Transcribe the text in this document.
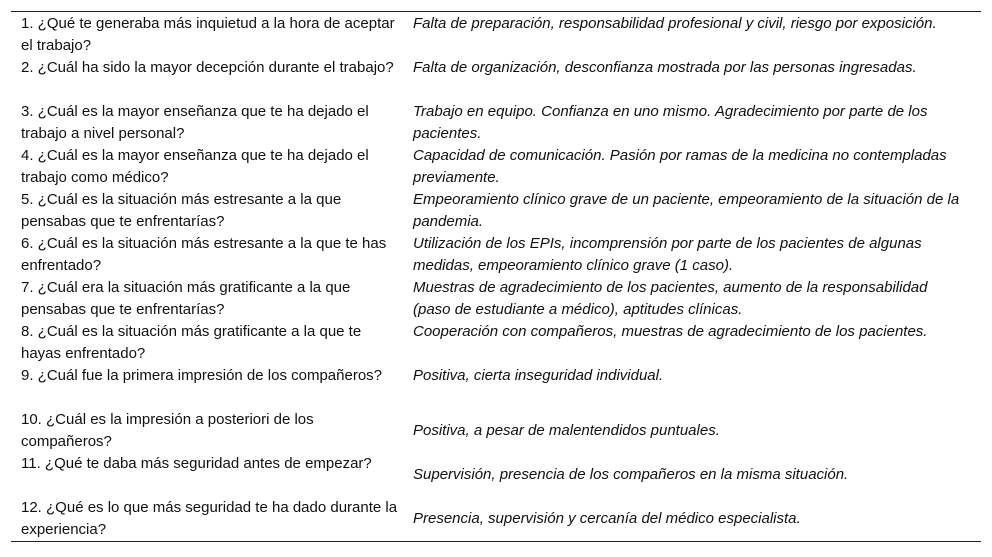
1. ¿Qué te generaba más inquietud a la hora de aceptar el trabajo?	Falta de preparación, responsabilidad profesional y civil, riesgo por exposición.

2. ¿Cuál ha sido la mayor decepción durante el trabajo?	Falta de organización, desconfianza mostrada por las personas ingresadas.

3. ¿Cuál es la mayor enseñanza que te ha dejado el trabajo a nivel personal?	Trabajo en equipo. Confianza en uno mismo. Agradecimiento por parte de los pacientes.

4. ¿Cuál es la mayor enseñanza que te ha dejado el trabajo como médico?	Capacidad de comunicación. Pasión por ramas de la medicina no contempladas previamente.

5. ¿Cuál es la situación más estresante a la que pensabas que te enfrentarías?	Empeoramiento clínico grave de un paciente, empeoramiento de la situación de la pandemia.

6. ¿Cuál es la situación más estresante a la que te has enfrentado?	Utilización de los EPIs, incomprensión por parte de los pacientes de algunas medidas, empeoramiento clínico grave (1 caso).

7. ¿Cuál era la situación más gratificante a la que pensabas que te enfrentarías?	Muestras de agradecimiento de los pacientes, aumento de la responsabilidad (paso de estudiante a médico), aptitudes clínicas.

8. ¿Cuál es la situación más gratificante a la que te hayas enfrentado?	Cooperación con compañeros, muestras de agradecimiento de los pacientes.

9. ¿Cuál fue la primera impresión de los compañeros?	Positiva, cierta inseguridad individual.

10. ¿Cuál es la impresión a posteriori de los compañeros?	Positiva, a pesar de malentendidos puntuales.

11. ¿Qué te daba más seguridad antes de empezar?	Supervisión, presencia de los compañeros en la misma situación.

12. ¿Qué es lo que más seguridad te ha dado durante la experiencia?	Presencia, supervisión y cercanía del médico especialista.
